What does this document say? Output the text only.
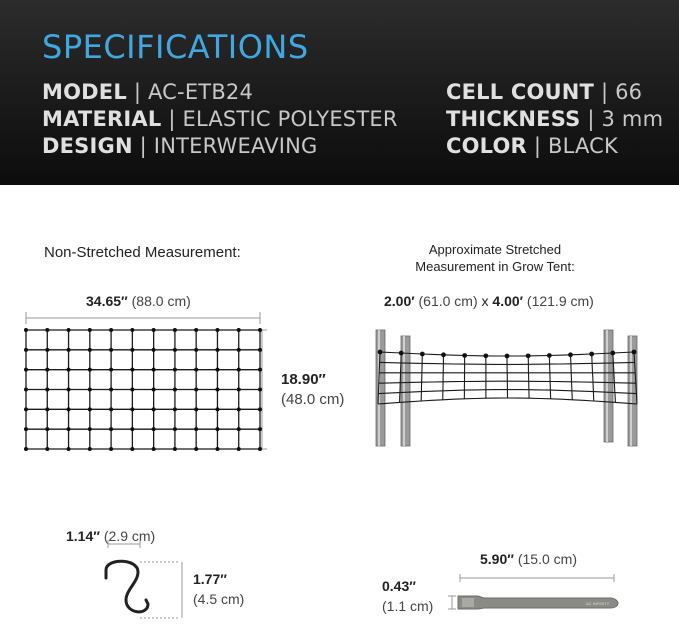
SPECIFICATIONS
MODEL | AC-ETB24
MATERIAL | ELASTIC POLYESTER
DESIGN | INTERWEAVING
CELL COUNT | 66
THICKNESS | 3 mm
COLOR | BLACK
Non-Stretched Measurement:
34.65″ (88.0 cm)
18.90″
(48.0 cm)
Approximate Stretched
Measurement in Grow Tent:
2.00′ (61.0 cm) x 4.00′ (121.9 cm)
1.14″ (2.9 cm)
1.77″
(4.5 cm)
5.90″ (15.0 cm)
0.43″
(1.1 cm)	AC INFINITY
